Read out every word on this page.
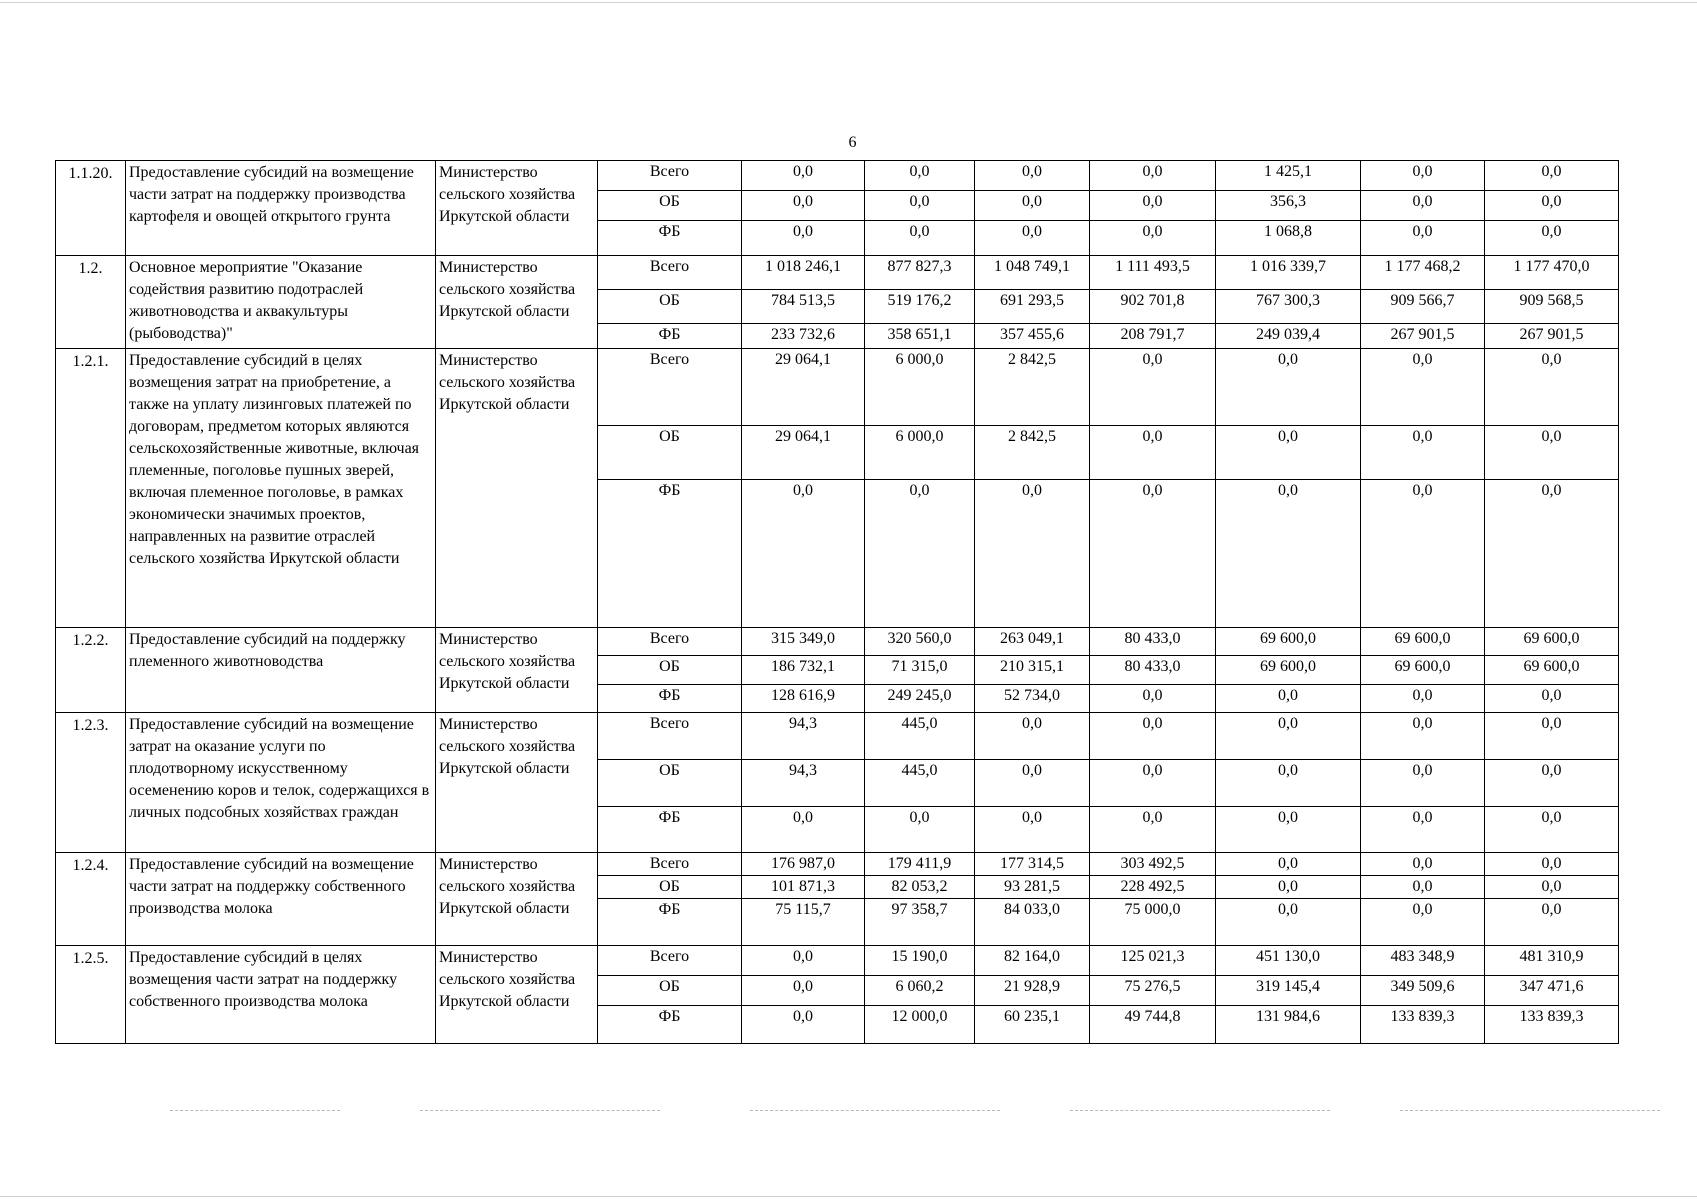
6
1.1.20.	Предоставление субсидий на возмещение части затрат на поддержку производства картофеля и овощей открытого грунта	Министерство сельского хозяйства Иркутской области	Всего	0,0	0,0	0,0	0,0	1 425,1	0,0	0,0
			ОБ	0,0	0,0	0,0	0,0	356,3	0,0	0,0
			ФБ	0,0	0,0	0,0	0,0	1 068,8	0,0	0,0
1.2.	Основное мероприятие "Оказание содействия развитию подотраслей животноводства и аквакультуры (рыбоводства)"	Министерство сельского хозяйства Иркутской области	Всего	1 018 246,1	877 827,3	1 048 749,1	1 111 493,5	1 016 339,7	1 177 468,2	1 177 470,0
			ОБ	784 513,5	519 176,2	691 293,5	902 701,8	767 300,3	909 566,7	909 568,5
			ФБ	233 732,6	358 651,1	357 455,6	208 791,7	249 039,4	267 901,5	267 901,5
1.2.1.	Предоставление субсидий в целях возмещения затрат на приобретение, а также на уплату лизинговых платежей по договорам, предметом которых являются сельскохозяйственные животные, включая племенные, поголовье пушных зверей, включая племенное поголовье, в рамках экономически значимых проектов, направленных на развитие отраслей сельского хозяйства Иркутской области	Министерство сельского хозяйства Иркутской области	Всего	29 064,1	6 000,0	2 842,5	0,0	0,0	0,0	0,0
			ОБ	29 064,1	6 000,0	2 842,5	0,0	0,0	0,0	0,0
			ФБ	0,0	0,0	0,0	0,0	0,0	0,0	0,0
1.2.2.	Предоставление субсидий на поддержку племенного животноводства	Министерство сельского хозяйства Иркутской области	Всего	315 349,0	320 560,0	263 049,1	80 433,0	69 600,0	69 600,0	69 600,0
			ОБ	186 732,1	71 315,0	210 315,1	80 433,0	69 600,0	69 600,0	69 600,0
			ФБ	128 616,9	249 245,0	52 734,0	0,0	0,0	0,0	0,0
1.2.3.	Предоставление субсидий на возмещение затрат на оказание услуги по плодотворному искусственному осеменению коров и телок, содержащихся в личных подсобных хозяйствах граждан	Министерство сельского хозяйства Иркутской области	Всего	94,3	445,0	0,0	0,0	0,0	0,0	0,0
			ОБ	94,3	445,0	0,0	0,0	0,0	0,0	0,0
			ФБ	0,0	0,0	0,0	0,0	0,0	0,0	0,0
1.2.4.	Предоставление субсидий на возмещение части затрат на поддержку собственного производства молока	Министерство сельского хозяйства Иркутской области	Всего	176 987,0	179 411,9	177 314,5	303 492,5	0,0	0,0	0,0
			ОБ	101 871,3	82 053,2	93 281,5	228 492,5	0,0	0,0	0,0
			ФБ	75 115,7	97 358,7	84 033,0	75 000,0	0,0	0,0	0,0
1.2.5.	Предоставление субсидий в целях возмещения части затрат на поддержку собственного производства молока	Министерство сельского хозяйства Иркутской области	Всего	0,0	15 190,0	82 164,0	125 021,3	451 130,0	483 348,9	481 310,9
			ОБ	0,0	6 060,2	21 928,9	75 276,5	319 145,4	349 509,6	347 471,6
			ФБ	0,0	12 000,0	60 235,1	49 744,8	131 984,6	133 839,3	133 839,3
